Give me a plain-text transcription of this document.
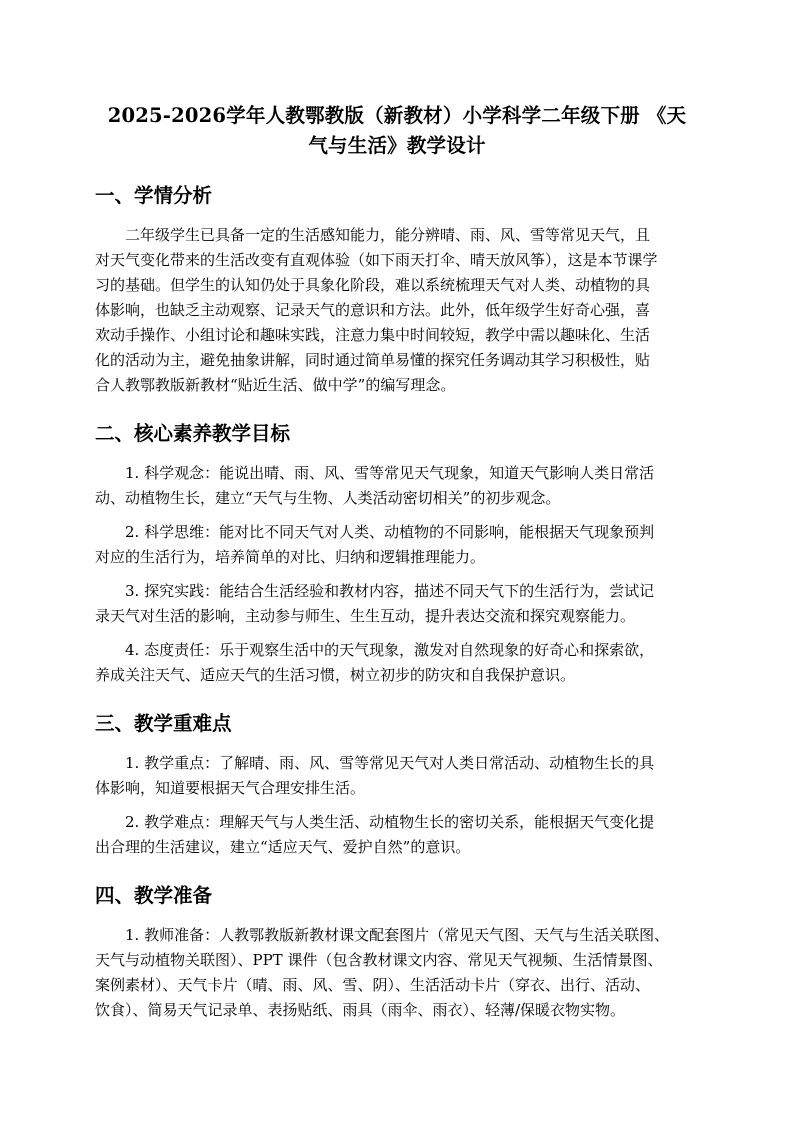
2025-2026学年人教鄂教版（新教材）小学科学二年级下册 《天
气与生活》教学设计
一、学情分析
二年级学生已具备一定的生活感知能力，能分辨晴、雨、风、雪等常见天气，且
对天气变化带来的生活改变有直观体验（如下雨天打伞、晴天放风筝），这是本节课学
习的基础。但学生的认知仍处于具象化阶段，难以系统梳理天气对人类、动植物的具
体影响，也缺乏主动观察、记录天气的意识和方法。此外，低年级学生好奇心强，喜
欢动手操作、小组讨论和趣味实践，注意力集中时间较短，教学中需以趣味化、生活
化的活动为主，避免抽象讲解，同时通过简单易懂的探究任务调动其学习积极性，贴
合人教鄂教版新教材“贴近生活、做中学”的编写理念。
二、核心素养教学目标
1. 科学观念：能说出晴、雨、风、雪等常见天气现象，知道天气影响人类日常活
动、动植物生长，建立“天气与生物、人类活动密切相关”的初步观念。
2. 科学思维：能对比不同天气对人类、动植物的不同影响，能根据天气现象预判
对应的生活行为，培养简单的对比、归纳和逻辑推理能力。
3. 探究实践：能结合生活经验和教材内容，描述不同天气下的生活行为，尝试记
录天气对生活的影响，主动参与师生、生生互动，提升表达交流和探究观察能力。
4. 态度责任：乐于观察生活中的天气现象，激发对自然现象的好奇心和探索欲，
养成关注天气、适应天气的生活习惯，树立初步的防灾和自我保护意识。
三、教学重难点
1. 教学重点：了解晴、雨、风、雪等常见天气对人类日常活动、动植物生长的具
体影响，知道要根据天气合理安排生活。
2. 教学难点：理解天气与人类生活、动植物生长的密切关系，能根据天气变化提
出合理的生活建议，建立“适应天气、爱护自然”的意识。
四、教学准备
1. 教师准备：人教鄂教版新教材课文配套图片（常见天气图、天气与生活关联图、
天气与动植物关联图）、PPT 课件（包含教材课文内容、常见天气视频、生活情景图、
案例素材）、天气卡片（晴、雨、风、雪、阴）、生活活动卡片（穿衣、出行、活动、
饮食）、简易天气记录单、表扬贴纸、雨具（雨伞、雨衣）、轻薄/保暖衣物实物。
